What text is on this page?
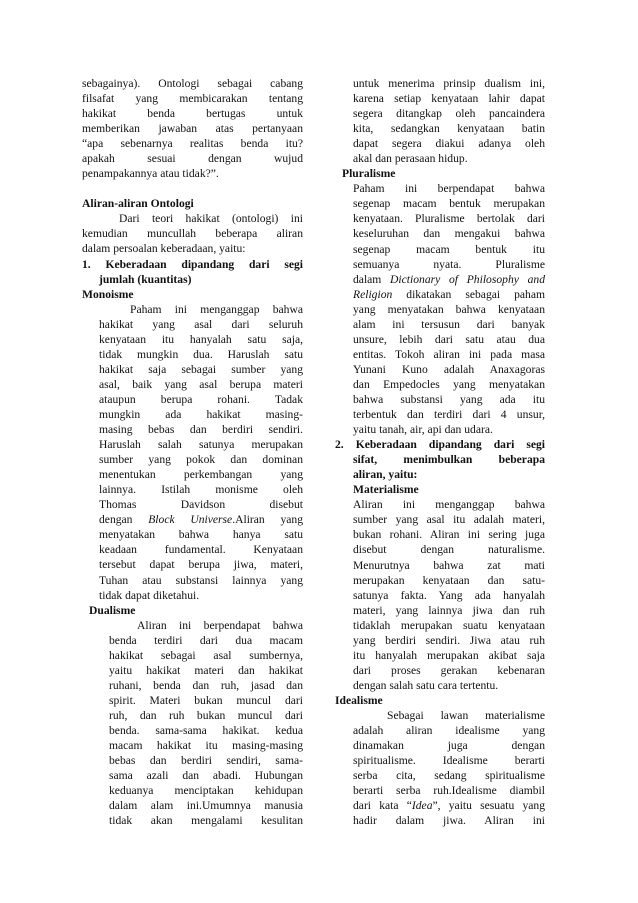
sebagainya). Ontologi sebagai cabang
filsafat yang membicarakan tentang
hakikat benda bertugas untuk
memberikan jawaban atas pertanyaan
“apa sebenarnya realitas benda itu?
apakah sesuai dengan wujud
penampakannya atau tidak?”.
Aliran-aliran Ontologi
Dari teori hakikat (ontologi) ini
kemudian muncullah beberapa aliran
dalam persoalan keberadaan, yaitu:
1. Keberadaan dipandang dari segi
jumlah (kuantitas)
Monoisme
Paham ini menganggap bahwa
hakikat yang asal dari seluruh
kenyataan itu hanyalah satu saja,
tidak mungkin dua. Haruslah satu
hakikat saja sebagai sumber yang
asal, baik yang asal berupa materi
ataupun berupa rohani. Tadak
mungkin ada hakikat masing-
masing bebas dan berdiri sendiri.
Haruslah salah satunya merupakan
sumber yang pokok dan dominan
menentukan perkembangan yang
lainnya. Istilah monisme oleh
Thomas Davidson disebut
dengan Block Universe.Aliran yang
menyatakan bahwa hanya satu
keadaan fundamental. Kenyataan
tersebut dapat berupa jiwa, materi,
Tuhan atau substansi lainnya yang
tidak dapat diketahui.
Dualisme
Aliran ini berpendapat bahwa
benda terdiri dari dua macam
hakikat sebagai asal sumbernya,
yaitu hakikat materi dan hakikat
ruhani, benda dan ruh, jasad dan
spirit. Materi bukan muncul dari
ruh, dan ruh bukan muncul dari
benda. sama-sama hakikat. kedua
macam hakikat itu masing-masing
bebas dan berdiri sendiri, sama-
sama azali dan abadi. Hubungan
keduanya menciptakan kehidupan
dalam alam ini.Umumnya manusia
tidak akan mengalami kesulitan
untuk menerima prinsip dualism ini,
karena setiap kenyataan lahir dapat
segera ditangkap oleh pancaindera
kita, sedangkan kenyataan batin
dapat segera diakui adanya oleh
akal dan perasaan hidup.
Pluralisme
Paham ini berpendapat bahwa
segenap macam bentuk merupakan
kenyataan. Pluralisme bertolak dari
keseluruhan dan mengakui bahwa
segenap macam bentuk itu
semuanya nyata. Pluralisme
dalam Dictionary of Philosophy and
Religion dikatakan sebagai paham
yang menyatakan bahwa kenyataan
alam ini tersusun dari banyak
unsure, lebih dari satu atau dua
entitas. Tokoh aliran ini pada masa
Yunani Kuno adalah Anaxagoras
dan Empedocles yang menyatakan
bahwa substansi yang ada itu
terbentuk dan terdiri dari 4 unsur,
yaitu tanah, air, api dan udara.
2. Keberadaan dipandang dari segi
sifat, menimbulkan beberapa
aliran, yaitu:
Materialisme
Aliran ini menganggap bahwa
sumber yang asal itu adalah materi,
bukan rohani. Aliran ini sering juga
disebut dengan naturalisme.
Menurutnya bahwa zat mati
merupakan kenyataan dan satu-
satunya fakta. Yang ada hanyalah
materi, yang lainnya jiwa dan ruh
tidaklah merupakan suatu kenyataan
yang berdiri sendiri. Jiwa atau ruh
itu hanyalah merupakan akibat saja
dari proses gerakan kebenaran
dengan salah satu cara tertentu.
Idealisme
Sebagai lawan materialisme
adalah aliran idealisme yang
dinamakan juga dengan
spiritualisme. Idealisme berarti
serba cita, sedang spiritualisme
berarti serba ruh.Idealisme diambil
dari kata “Idea”, yaitu sesuatu yang
hadir dalam jiwa. Aliran ini
